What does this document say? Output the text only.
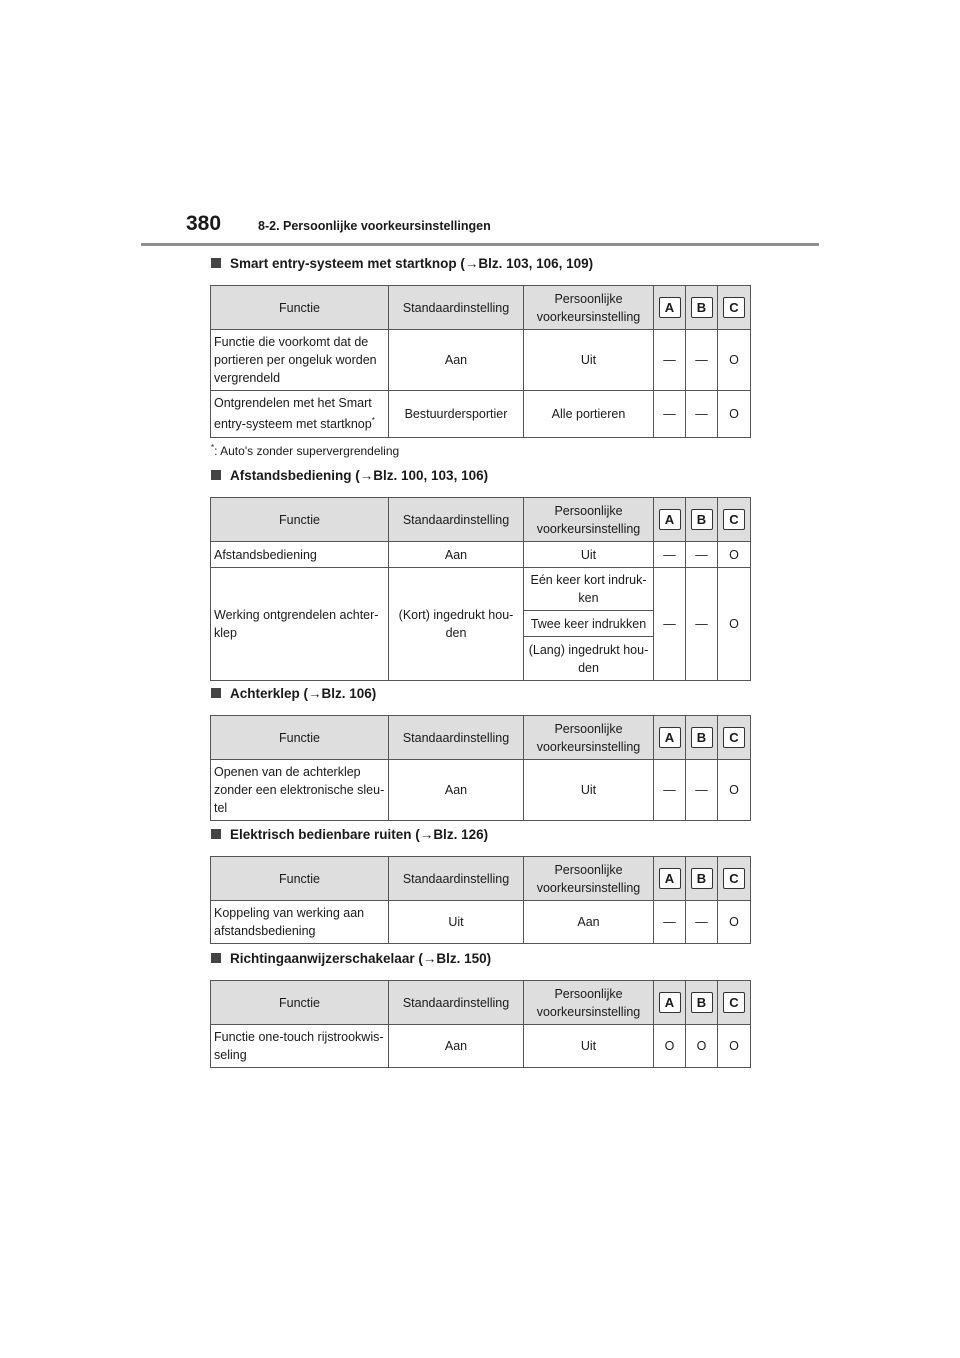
380	8-2. Persoonlijke voorkeursinstellingen
Smart entry-systeem met startknop (→Blz. 103, 106, 109)
Functie	Standaardinstelling	Persoonlijke voorkeursinstelling	A	B	C
Functie die voorkomt dat de portieren per ongeluk worden vergrendeld	Aan	Uit	—	—	O
Ontgrendelen met het Smart entry-systeem met startknop*	Bestuurdersportier	Alle portieren	—	—	O
*: Auto's zonder supervergrendeling
Afstandsbediening (→Blz. 100, 103, 106)
Functie	Standaardinstelling	Persoonlijke voorkeursinstelling	A	B	C
Afstandsbediening	Aan	Uit	—	—	O
Werking ontgrendelen achter-klep	(Kort) ingedrukt hou-den	Eén keer kort indruk-ken	—	—	O
		Twee keer indrukken			
		(Lang) ingedrukt hou-den			
Achterklep (→Blz. 106)
Functie	Standaardinstelling	Persoonlijke voorkeursinstelling	A	B	C
Openen van de achterklep zonder een elektronische sleu-tel	Aan	Uit	—	—	O
Elektrisch bedienbare ruiten (→Blz. 126)
Functie	Standaardinstelling	Persoonlijke voorkeursinstelling	A	B	C
Koppeling van werking aan afstandsbediening	Uit	Aan	—	—	O
Richtingaanwijzerschakelaar (→Blz. 150)
Functie	Standaardinstelling	Persoonlijke voorkeursinstelling	A	B	C
Functie one-touch rijstrookwis-seling	Aan	Uit	O	O	O
